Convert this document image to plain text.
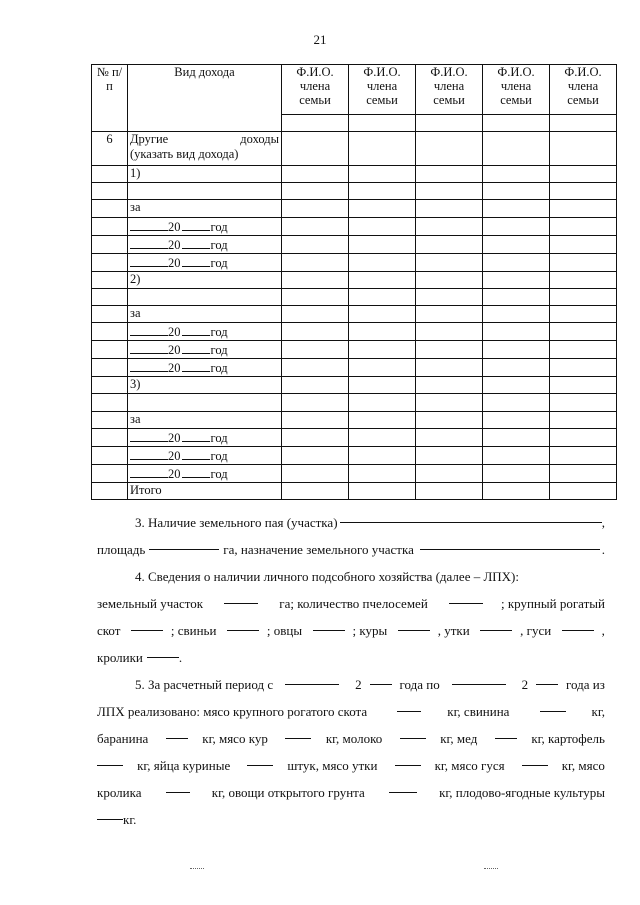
21
№ п/п	Вид дохода	Ф.И.О. члена семьи	Ф.И.О. члена семьи	Ф.И.О. члена семьи	Ф.И.О. члена семьи	Ф.И.О. члена семьи

6	Другие доходы
(указать вид дохода)					

	1)					

	за					
	20 год					
	20 год					
	20 год					
	2)					

	за					
	20 год					
	20 год					
	20 год					
	3)					

	за					
	20 год					
	20 год					
	20 год					
	Итого					
3. Наличие земельного пая (участка)	,
площадь	га, назначение земельного участка	.
4. Сведения о наличии личного подсобного хозяйства (далее – ЛПХ):
земельный участок	га; количество пчелосемей	; крупный рогатый
скот	; свиньи	; овцы	; куры	, утки	, гуси	,
кролики	.
5. За расчетный период с	2	года по	2	года из
ЛПХ реализовано: мясо крупного рогатого скота	кг, свинина	кг,
баранина	кг, мясо кур	кг, молоко	кг, мед	кг, картофель
кг, яйца куриные	штук, мясо утки	кг, мясо гуся	кг, мясо
кролика	кг, овощи открытого грунта	кг, плодово-ягодные культуры
кг.
